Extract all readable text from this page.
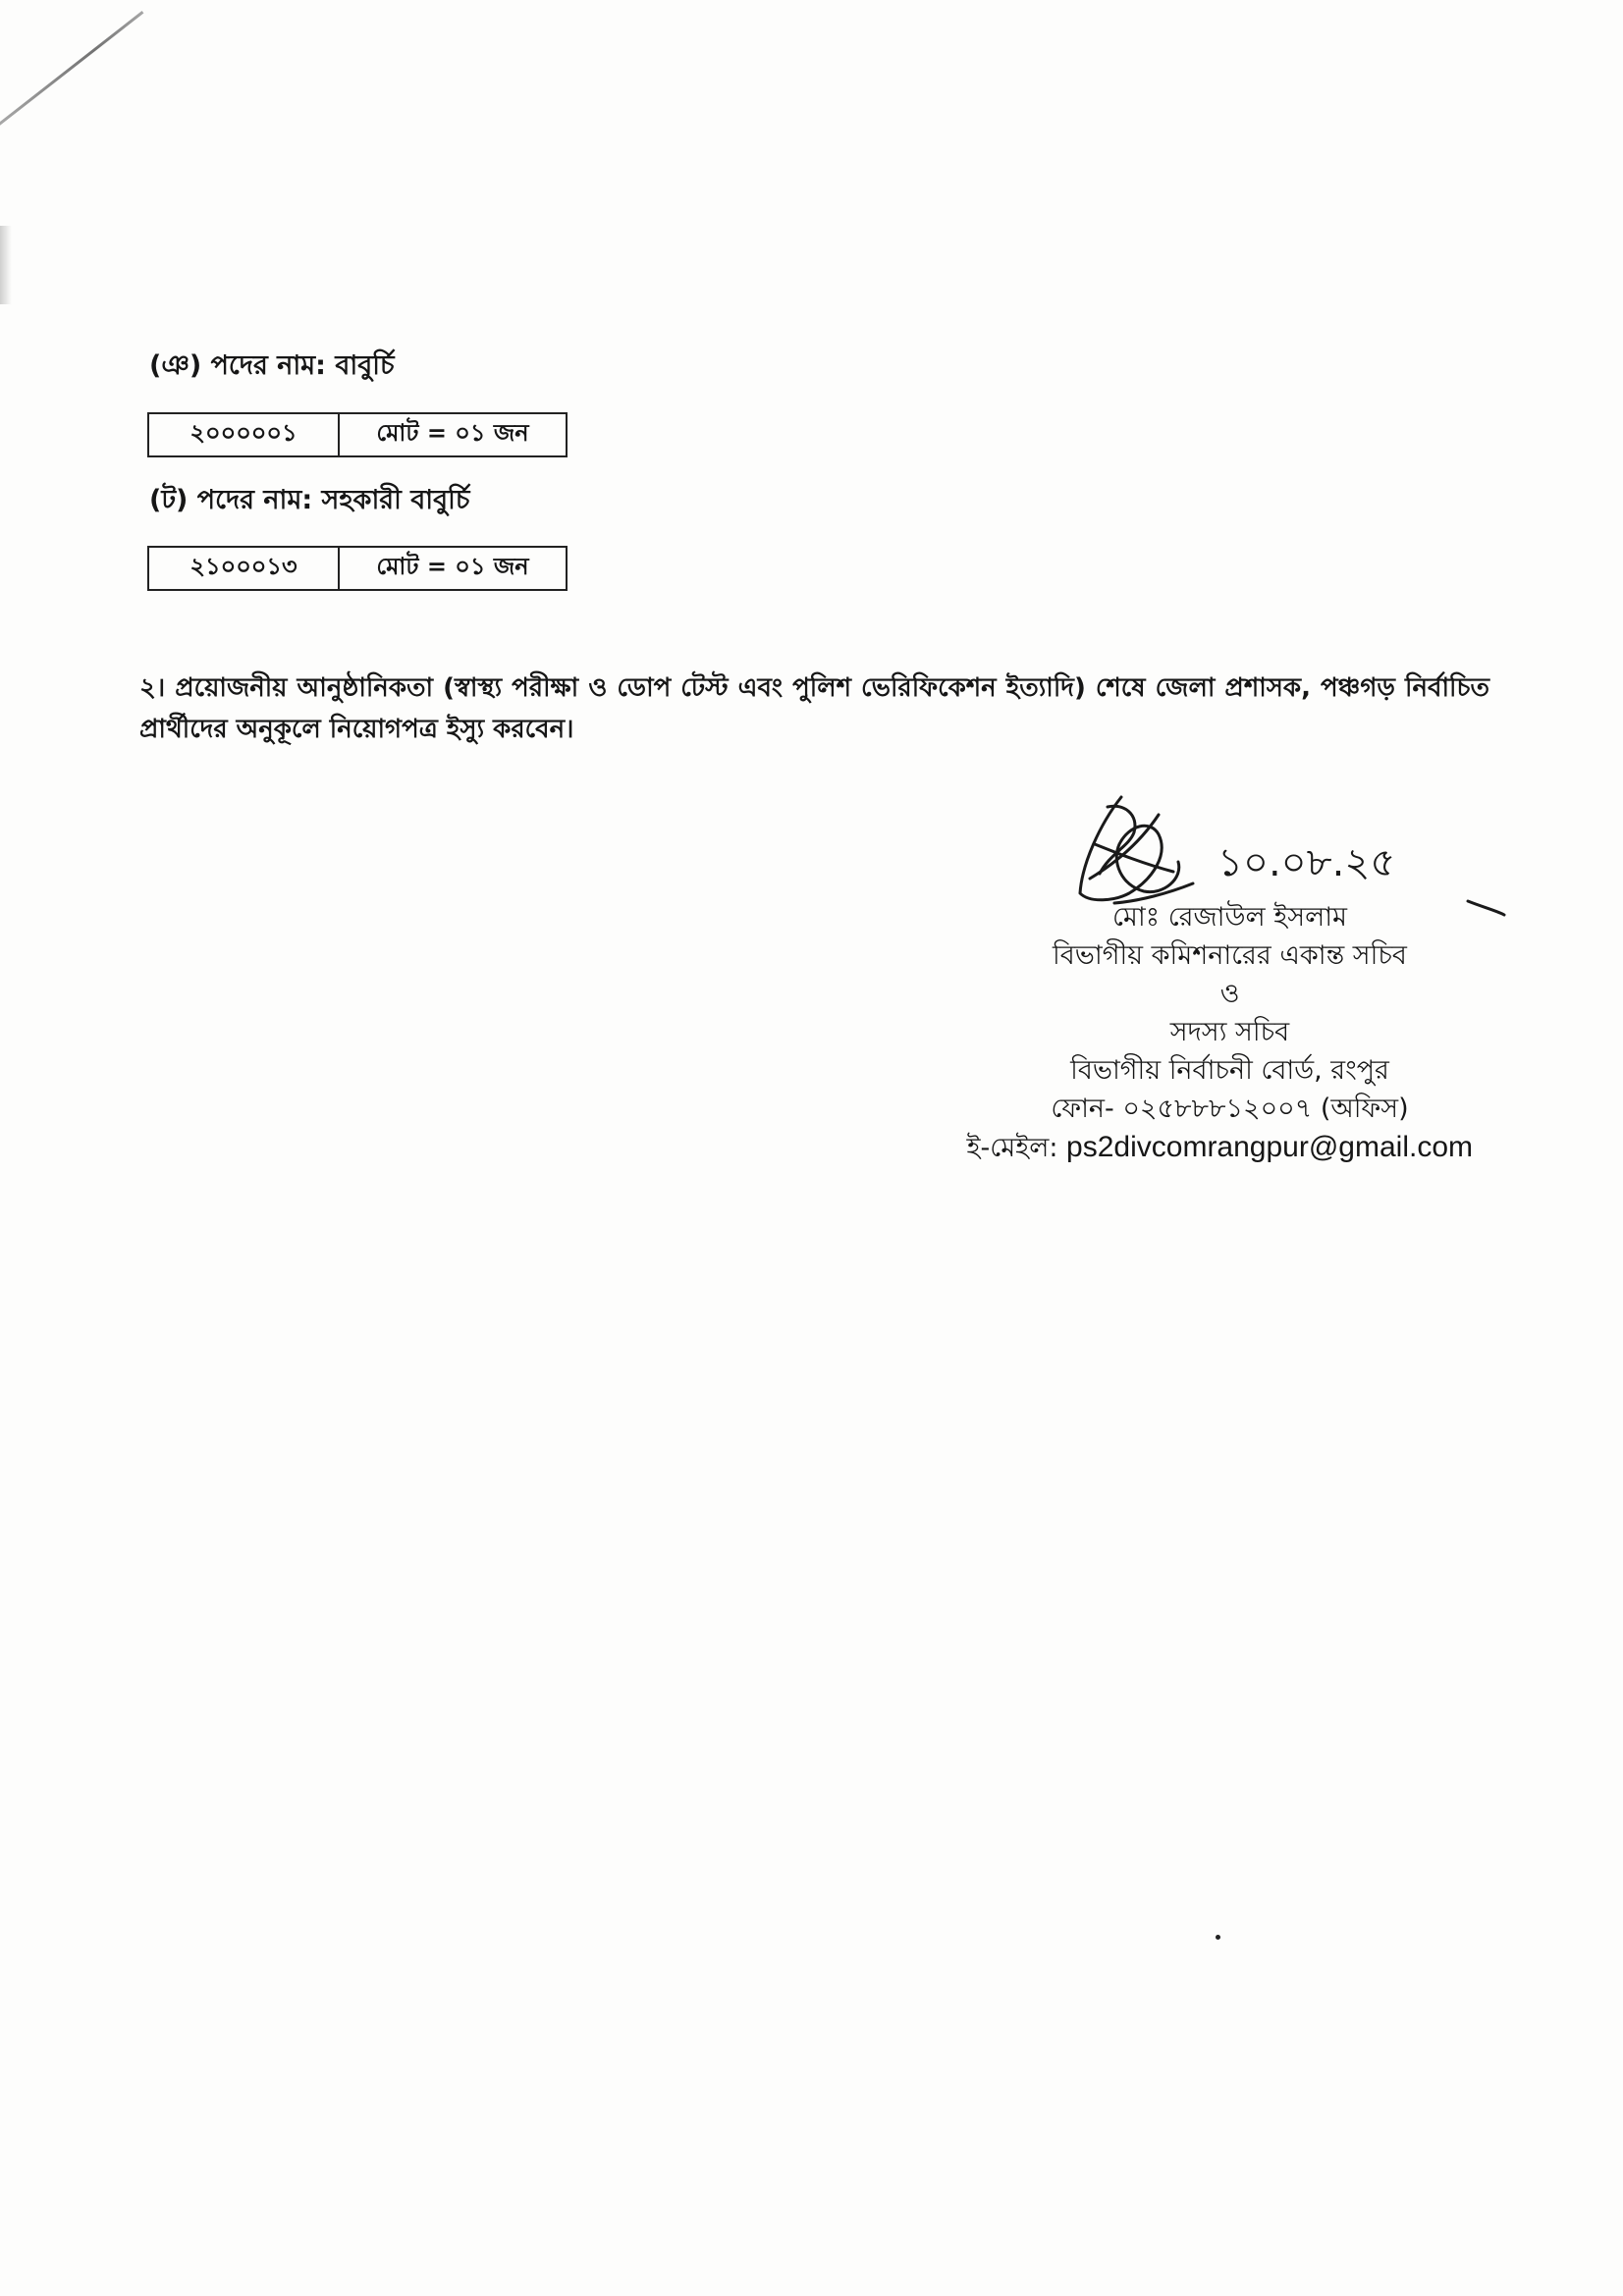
(ঞ) পদের নাম: বাবুর্চি
২০০০০০১	মোট = ০১ জন
(ট) পদের নাম: সহকারী বাবুর্চি
২১০০০১৩	মোট = ০১ জন
২। প্রয়োজনীয় আনুষ্ঠানিকতা (স্বাস্থ্য পরীক্ষা ও ডোপ টেস্ট এবং পুলিশ ভেরিফিকেশন ইত্যাদি) শেষে জেলা প্রশাসক, পঞ্চগড় নির্বাচিত প্রার্থীদের অনুকূলে নিয়োগপত্র ইস্যু করবেন।
১০.০৮.২৫
মোঃ রেজাউল ইসলাম
বিভাগীয় কমিশনারের একান্ত সচিব
ও
সদস্য সচিব
বিভাগীয় নির্বাচনী বোর্ড, রংপুর
ফোন- ০২৫৮৮৮১২০০৭ (অফিস)
ই-মেইল: ps2divcomrangpur@gmail.com
